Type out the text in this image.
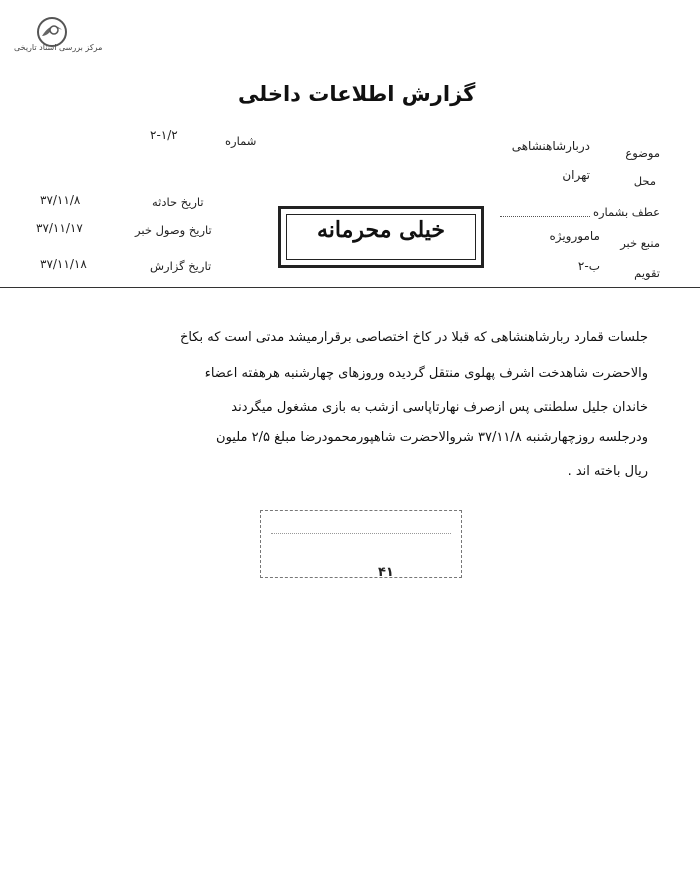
مرکز بررسی اسناد تاریخی
گزارش اطلاعات داخلی
موضوع
دربارشاهنشاهی
محل
تهران
عطف بشماره
منبع خبر
مامورویژه
تقویم
ب-۲
شماره
۲-۱/۲
تاریخ حادثه
۳۷/۱۱/۸
تاریخ وصول خبر
۳۷/۱۱/۱۷
تاریخ گزارش
۳۷/۱۱/۱۸
خیلی محرمانه
جلسات قمارد ربارشاهنشاهی که قبلا در کاخ اختصاصی برقرارمیشد مدتی است که بکاخ
والاحضرت شاهدخت اشرف پهلوی منتقل گردیده وروزهای چهارشنبه هرهفته اعضاء
خاندان جلیل سلطنتی پس ازصرف نهارتاپاسی ازشب به بازی مشغول میگردند
ودرجلسه روزچهارشنبه ۳۷/۱۱/۸ شروالاحضرت شاهپورمحمودرضا مبلغ ۲/۵ ملیون
ریال باخته اند .
۴۱
